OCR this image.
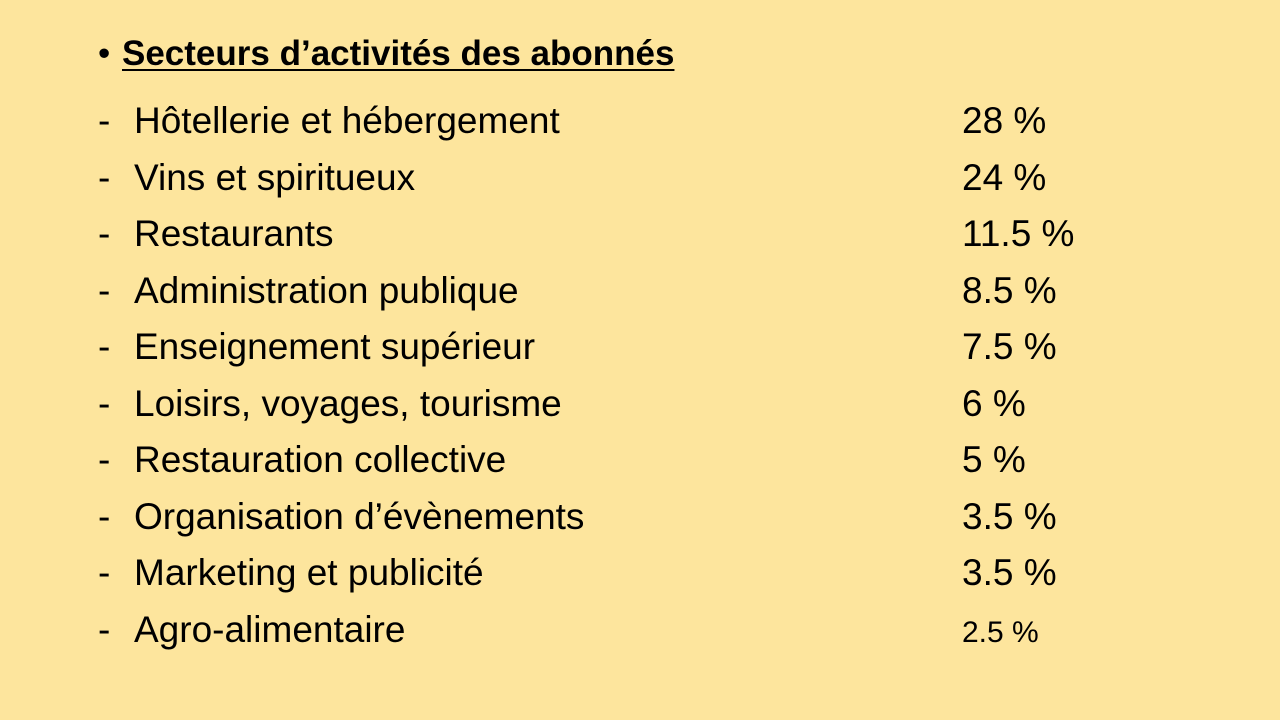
• Secteurs d’activités des abonnés
- Hôtellerie et hébergement	28 %
- Vins et spiritueux	24 %
- Restaurants	11.5 %
- Administration publique	8.5 %
- Enseignement supérieur	7.5 %
- Loisirs, voyages, tourisme	6 %
- Restauration collective	5 %
- Organisation d’évènements	3.5 %
- Marketing et publicité	3.5 %
- Agro-alimentaire	2.5 %
